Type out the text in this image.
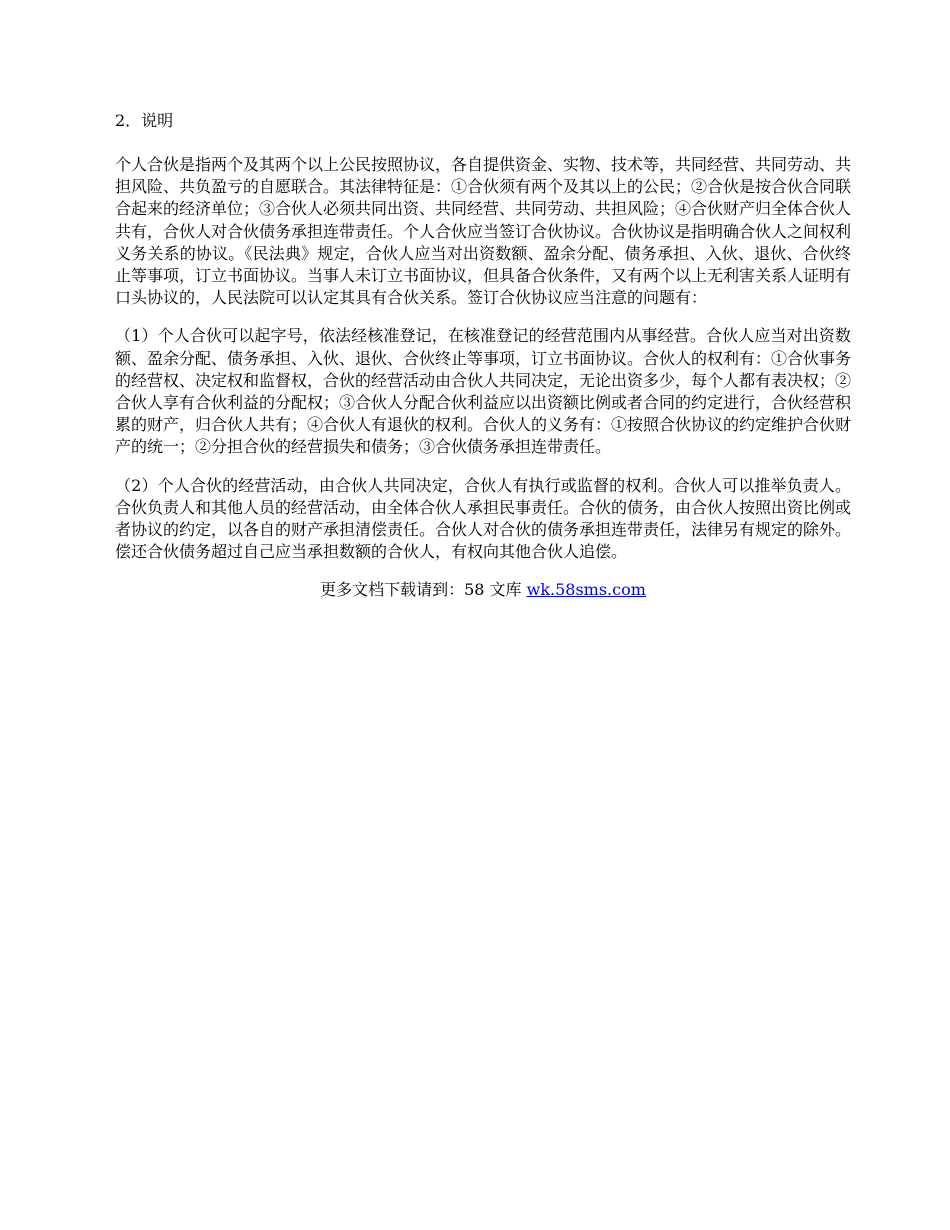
2．说明

个人合伙是指两个及其两个以上公民按照协议，各自提供资金、实物、技术等，共同经营、共同劳动、共担风险、共负盈亏的自愿联合。其法律特征是：①合伙须有两个及其以上的公民；②合伙是按合伙合同联合起来的经济单位；③合伙人必须共同出资、共同经营、共同劳动、共担风险；④合伙财产归全体合伙人共有，合伙人对合伙债务承担连带责任。个人合伙应当签订合伙协议。合伙协议是指明确合伙人之间权利义务关系的协议。《民法典》规定，合伙人应当对出资数额、盈余分配、债务承担、入伙、退伙、合伙终止等事项，订立书面协议。当事人未订立书面协议，但具备合伙条件，又有两个以上无利害关系人证明有口头协议的，人民法院可以认定其具有合伙关系。签订合伙协议应当注意的问题有：

（1）个人合伙可以起字号，依法经核准登记，在核准登记的经营范围内从事经营。合伙人应当对出资数额、盈余分配、债务承担、入伙、退伙、合伙终止等事项，订立书面协议。合伙人的权利有：①合伙事务的经营权、决定权和监督权，合伙的经营活动由合伙人共同决定，无论出资多少，每个人都有表决权；②合伙人享有合伙利益的分配权；③合伙人分配合伙利益应以出资额比例或者合同的约定进行，合伙经营积累的财产，归合伙人共有；④合伙人有退伙的权利。合伙人的义务有：①按照合伙协议的约定维护合伙财产的统一；②分担合伙的经营损失和债务；③合伙债务承担连带责任。

（2）个人合伙的经营活动，由合伙人共同决定，合伙人有执行或监督的权利。合伙人可以推举负责人。合伙负责人和其他人员的经营活动，由全体合伙人承担民事责任。合伙的债务，由合伙人按照出资比例或者协议的约定，以各自的财产承担清偿责任。合伙人对合伙的债务承担连带责任，法律另有规定的除外。偿还合伙债务超过自己应当承担数额的合伙人，有权向其他合伙人追偿。

更多文档下载请到：58 文库 wk.58sms.com
